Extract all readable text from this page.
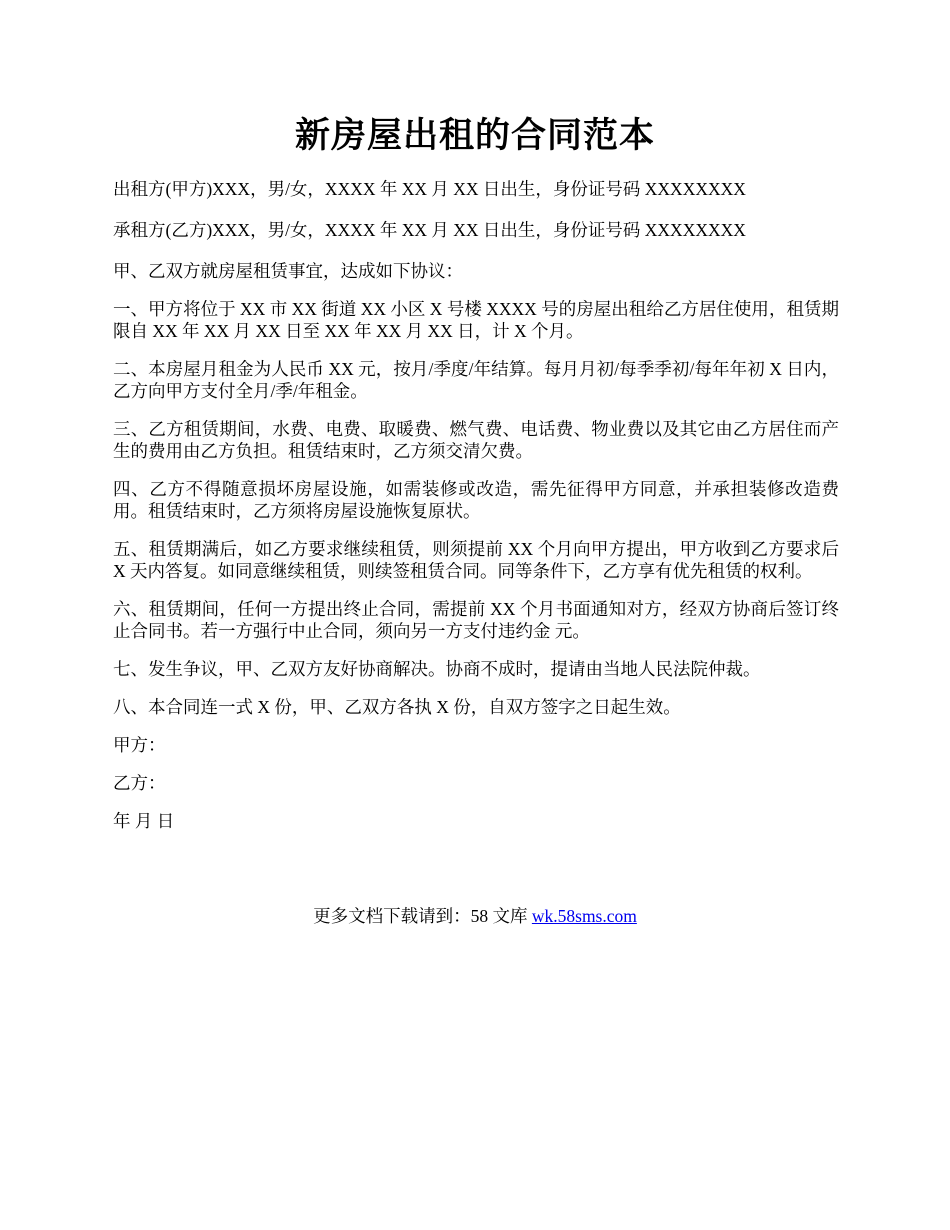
新房屋出租的合同范本

出租方(甲方)XXX，男/女，XXXX 年 XX 月 XX 日出生，身份证号码 XXXXXXXX

承租方(乙方)XXX，男/女，XXXX 年 XX 月 XX 日出生，身份证号码 XXXXXXXX

甲、乙双方就房屋租赁事宜，达成如下协议：

一、甲方将位于 XX 市 XX 街道 XX 小区 X 号楼 XXXX 号的房屋出租给乙方居住使用，租赁期限自 XX 年 XX 月 XX 日至 XX 年 XX 月 XX 日，计 X 个月。

二、本房屋月租金为人民币 XX 元，按月/季度/年结算。每月月初/每季季初/每年年初 X 日内，乙方向甲方支付全月/季/年租金。

三、乙方租赁期间，水费、电费、取暖费、燃气费、电话费、物业费以及其它由乙方居住而产生的费用由乙方负担。租赁结束时，乙方须交清欠费。

四、乙方不得随意损坏房屋设施，如需装修或改造，需先征得甲方同意，并承担装修改造费用。租赁结束时，乙方须将房屋设施恢复原状。

五、租赁期满后，如乙方要求继续租赁，则须提前 XX 个月向甲方提出，甲方收到乙方要求后 X 天内答复。如同意继续租赁，则续签租赁合同。同等条件下，乙方享有优先租赁的权利。

六、租赁期间，任何一方提出终止合同，需提前 XX 个月书面通知对方，经双方协商后签订终止合同书。若一方强行中止合同，须向另一方支付违约金 元。

七、发生争议，甲、乙双方友好协商解决。协商不成时，提请由当地人民法院仲裁。

八、本合同连一式 X 份，甲、乙双方各执 X 份，自双方签字之日起生效。

甲方：

乙方：

年 月 日

更多文档下载请到：58 文库 wk.58sms.com
